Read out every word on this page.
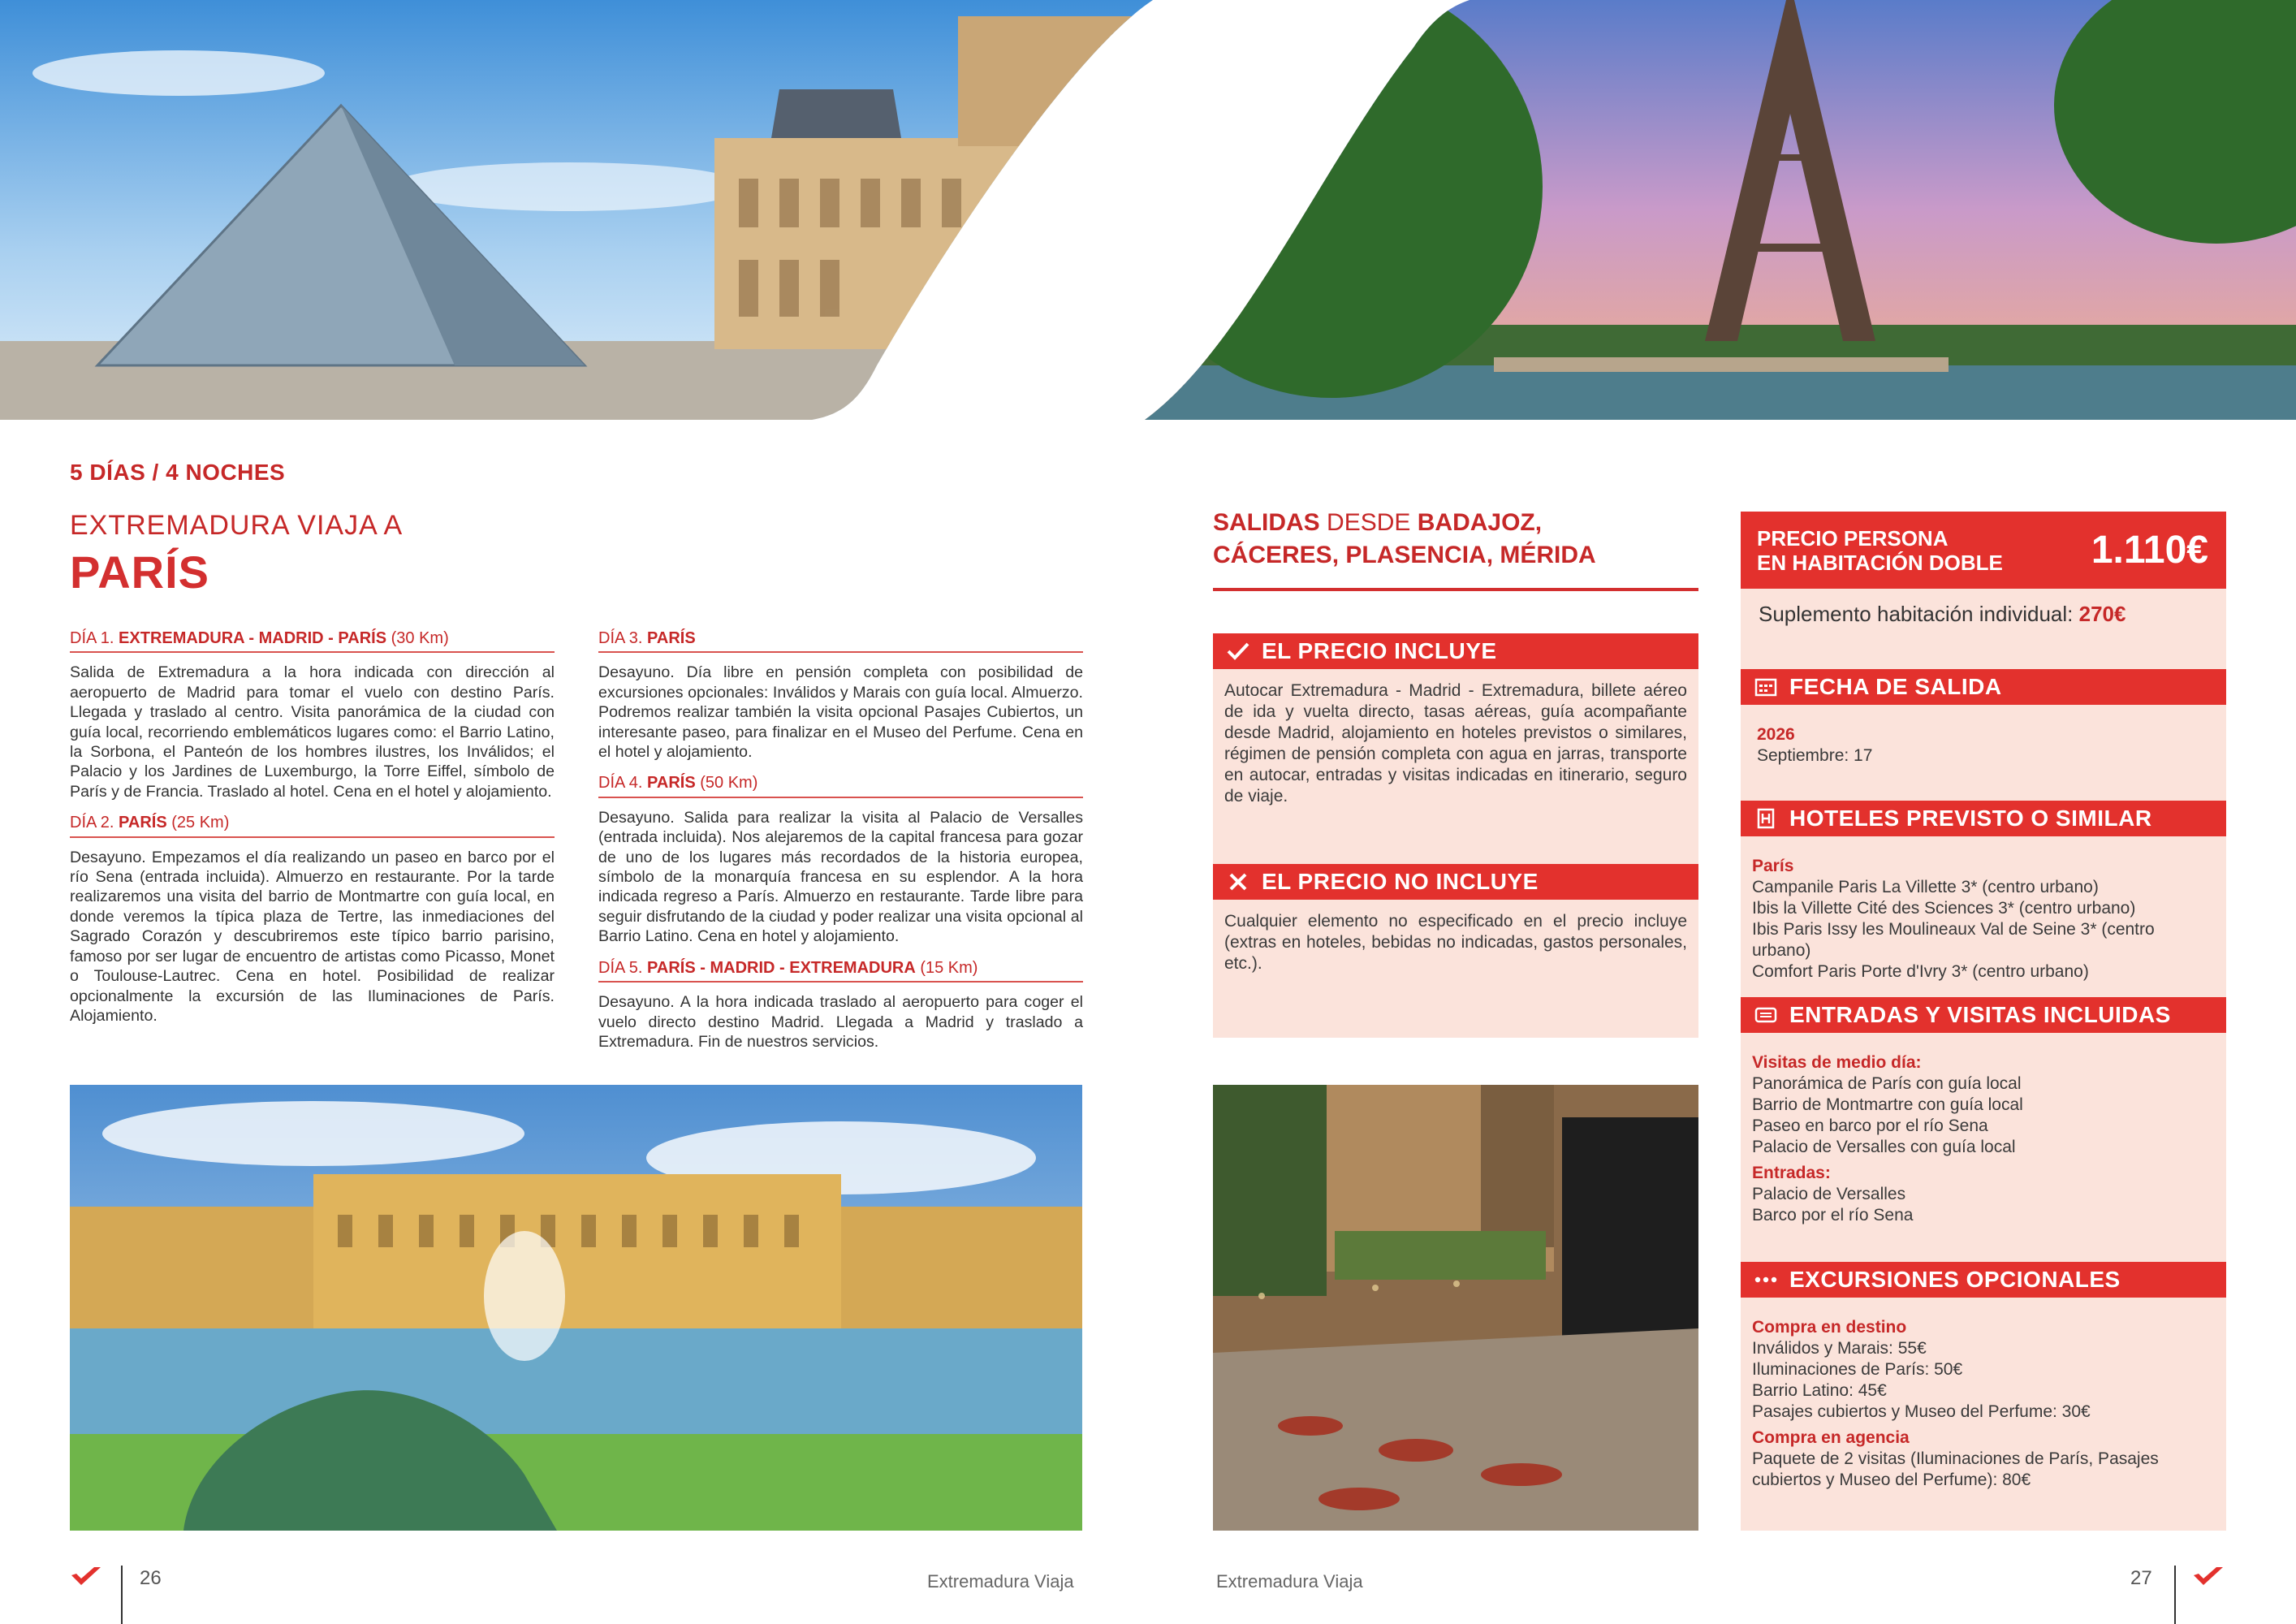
5 DÍAS / 4 NOCHES
EXTREMADURA VIAJA A
PARÍS
DÍA 1. EXTREMADURA - MADRID - PARÍS (30 Km)

Salida de Extremadura a la hora indicada con dirección al aeropuerto de Madrid para tomar el vuelo con destino París. Llegada y traslado al centro. Visita panorámica de la ciudad con guía local, recorriendo emblemáticos lugares como: el Barrio Latino, la Sorbona, el Panteón de los hombres ilustres, los Inválidos; el Palacio y los Jardines de Luxemburgo, la Torre Eiffel, símbolo de París y de Francia. Traslado al hotel. Cena en el hotel y alojamiento.

DÍA 2. PARÍS (25 Km)

Desayuno. Empezamos el día realizando un paseo en barco por el río Sena (entrada incluida). Almuerzo en restaurante. Por la tarde realizaremos una visita del barrio de Montmartre con guía local, en donde veremos la típica plaza de Tertre, las inmediaciones del Sagrado Corazón y descubriremos este típico barrio parisino, famoso por ser lugar de encuentro de artistas como Picasso, Monet o Toulouse-Lautrec. Cena en hotel. Posibilidad de realizar opcionalmente la excursión de las Iluminaciones de París. Alojamiento.

DÍA 3. PARÍS

Desayuno. Día libre en pensión completa con posibilidad de excursiones opcionales: Inválidos y Marais con guía local. Almuerzo. Podremos realizar también la visita opcional Pasajes Cubiertos, un interesante paseo, para finalizar en el Museo del Perfume. Cena en el hotel y alojamiento.

DÍA 4. PARÍS (50 Km)

Desayuno. Salida para realizar la visita al Palacio de Versalles (entrada incluida). Nos alejaremos de la capital francesa para gozar de uno de los lugares más recordados de la historia europea, símbolo de la monarquía francesa en su esplendor. A la hora indicada regreso a París. Almuerzo en restaurante. Tarde libre para seguir disfrutando de la ciudad y poder realizar una visita opcional al Barrio Latino. Cena en hotel y alojamiento.

DÍA 5. PARÍS - MADRID - EXTREMADURA (15 Km)

Desayuno. A la hora indicada traslado al aeropuerto para coger el vuelo directo destino Madrid. Llegada a Madrid y traslado a Extremadura. Fin de nuestros servicios.

26	Extremadura Viaja
SALIDAS DESDE BADAJOZ,
CÁCERES, PLASENCIA, MÉRIDA
EL PRECIO INCLUYE
Autocar Extremadura - Madrid - Extremadura, billete aéreo de ida y vuelta directo, tasas aéreas, guía acompañante desde Madrid, alojamiento en hoteles previstos o similares, régimen de pensión completa con agua en jarras, transporte en autocar, entradas y visitas indicadas en itinerario, seguro de viaje.
EL PRECIO NO INCLUYE
Cualquier elemento no especificado en el precio incluye (extras en hoteles, bebidas no indicadas, gastos personales, etc.).
PRECIO PERSONA
EN HABITACIÓN DOBLE	1.110€
Suplemento habitación individual: 270€
FECHA DE SALIDA
2026
Septiembre: 17
HOTELES PREVISTO O SIMILAR
París
Campanile Paris La Villette 3* (centro urbano)
Ibis la Villette Cité des Sciences 3* (centro urbano)
Ibis Paris Issy les Moulineaux Val de Seine 3* (centro urbano)
Comfort Paris Porte d'Ivry 3* (centro urbano)
ENTRADAS Y VISITAS INCLUIDAS
Visitas de medio día:
Panorámica de París con guía local
Barrio de Montmartre con guía local
Paseo en barco por el río Sena
Palacio de Versalles con guía local
Entradas:
Palacio de Versalles
Barco por el río Sena
EXCURSIONES OPCIONALES
Compra en destino
Inválidos y Marais: 55€
Iluminaciones de París: 50€
Barrio Latino: 45€
Pasajes cubiertos y Museo del Perfume: 30€
Compra en agencia
Paquete de 2 visitas (Iluminaciones de París, Pasajes cubiertos y Museo del Perfume): 80€
Extremadura Viaja	27
